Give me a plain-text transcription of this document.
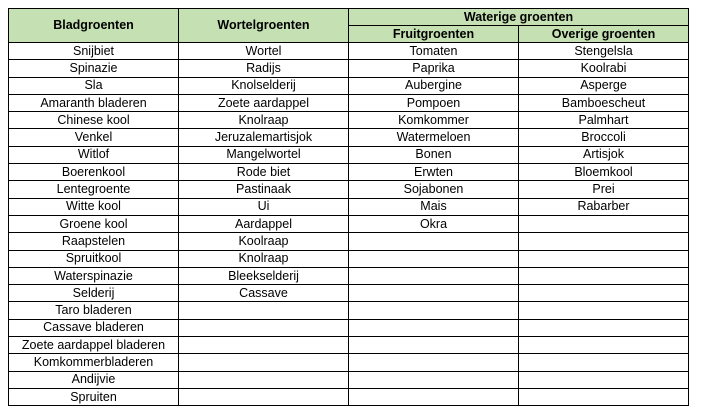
Bladgroenten	Wortelgroenten	Waterige groenten	
		Fruitgroenten	Overige groenten
Snijbiet	Wortel	Tomaten	Stengelsla
Spinazie	Radijs	Paprika	Koolrabi
Sla	Knolselderij	Aubergine	Asperge
Amaranth bladeren	Zoete aardappel	Pompoen	Bamboescheut
Chinese kool	Knolraap	Komkommer	Palmhart
Venkel	Jeruzalemartisjok	Watermeloen	Broccoli
Witlof	Mangelwortel	Bonen	Artisjok
Boerenkool	Rode biet	Erwten	Bloemkool
Lentegroente	Pastinaak	Sojabonen	Prei
Witte kool	Ui	Mais	Rabarber
Groene kool	Aardappel	Okra	
Raapstelen	Koolraap		
Spruitkool	Knolraap		
Waterspinazie	Bleekselderij		
Selderij	Cassave		
Taro bladeren			
Cassave bladeren			
Zoete aardappel bladeren			
Komkommerbladeren			
Andijvie			
Spruiten			
